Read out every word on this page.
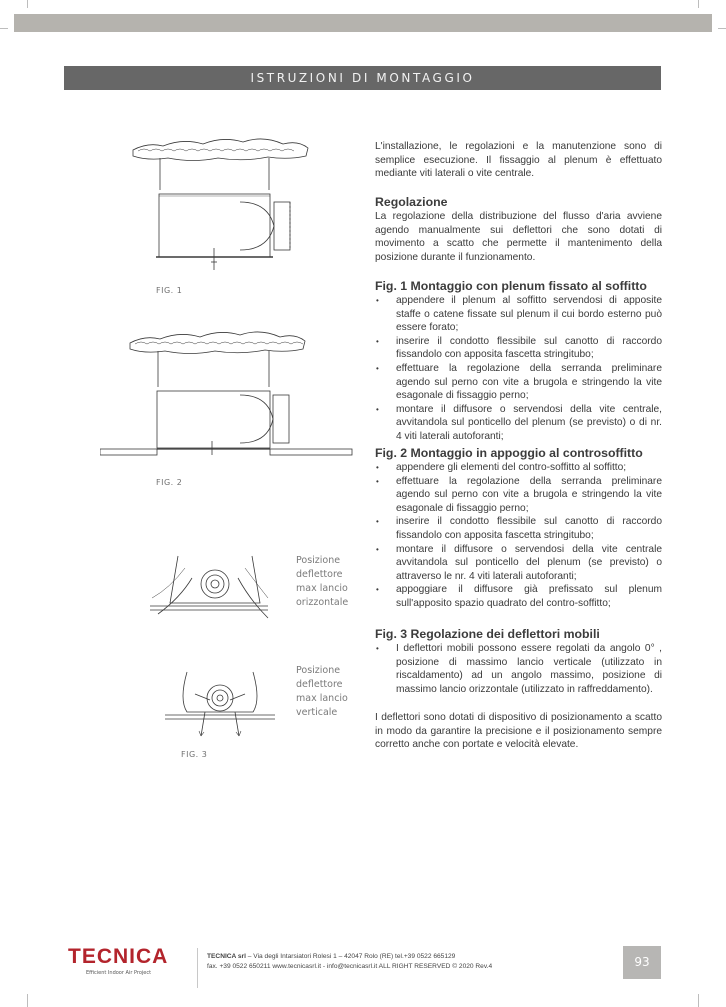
ISTRUZIONI DI MONTAGGIO
FIG. 1
FIG. 2
FIG. 3
Posizione
deflettore
max lancio
orizzontale
Posizione
deflettore
max lancio
verticale

L'installazione, le regolazioni e la manutenzione sono di semplice esecuzione. Il fissaggio al plenum è effettuato mediante viti laterali o vite centrale.

Regolazione

La regolazione della distribuzione del flusso d'aria avviene agendo manualmente sui deflettori che sono dotati di movimento a scatto che permette il mantenimento della posizione durante il funzionamento.

Fig. 1 Montaggio con plenum fissato al soffitto

• appendere il plenum al soffitto servendosi di apposite staffe o catene fissate sul plenum il cui bordo esterno può essere forato;
• inserire il condotto flessibile sul canotto di raccordo fissandolo con apposita fascetta stringitubo;
• effettuare la regolazione della serranda preliminare agendo sul perno con vite a brugola e stringendo la vite esagonale di fissaggio perno;
• montare il diffusore o servendosi della vite centrale, avvitandola sul ponticello del plenum (se previsto) o di nr. 4 viti laterali autoforanti;

Fig. 2 Montaggio in appoggio al controsoffitto

• appendere gli elementi del contro-soffitto al soffitto;
• effettuare la regolazione della serranda preliminare agendo sul perno con vite a brugola e stringendo la vite esagonale di fissaggio perno;
• inserire il condotto flessibile sul canotto di raccordo fissandolo con apposita fascetta stringitubo;
• montare il diffusore o servendosi della vite centrale avvitandola sul ponticello del plenum (se previsto) o attraverso le nr. 4 viti laterali autoforanti;
• appoggiare il diffusore già prefissato sul plenum sull'apposito spazio quadrato del contro-soffitto;

Fig. 3 Regolazione dei deflettori mobili

• I deflettori mobili possono essere regolati da angolo 0° , posizione di massimo lancio verticale (utilizzato in riscaldamento) ad un angolo massimo, posizione di massimo lancio orizzontale (utilizzato in raffreddamento).

I deflettori sono dotati di dispositivo di posizionamento a scatto in modo da garantire la precisione e il posizionamento sempre corretto anche con portate e velocità elevate.

TECNICA
Efficient Indoor Air Project
TECNICA srl – Via degli Intarsiatori Rolesi 1 – 42047 Rolo (RE) tel.+39 0522 665129
fax. +39 0522 650211 www.tecnicasrl.it - info@tecnicasrl.it ALL RIGHT RESERVED © 2020 Rev.4	93
